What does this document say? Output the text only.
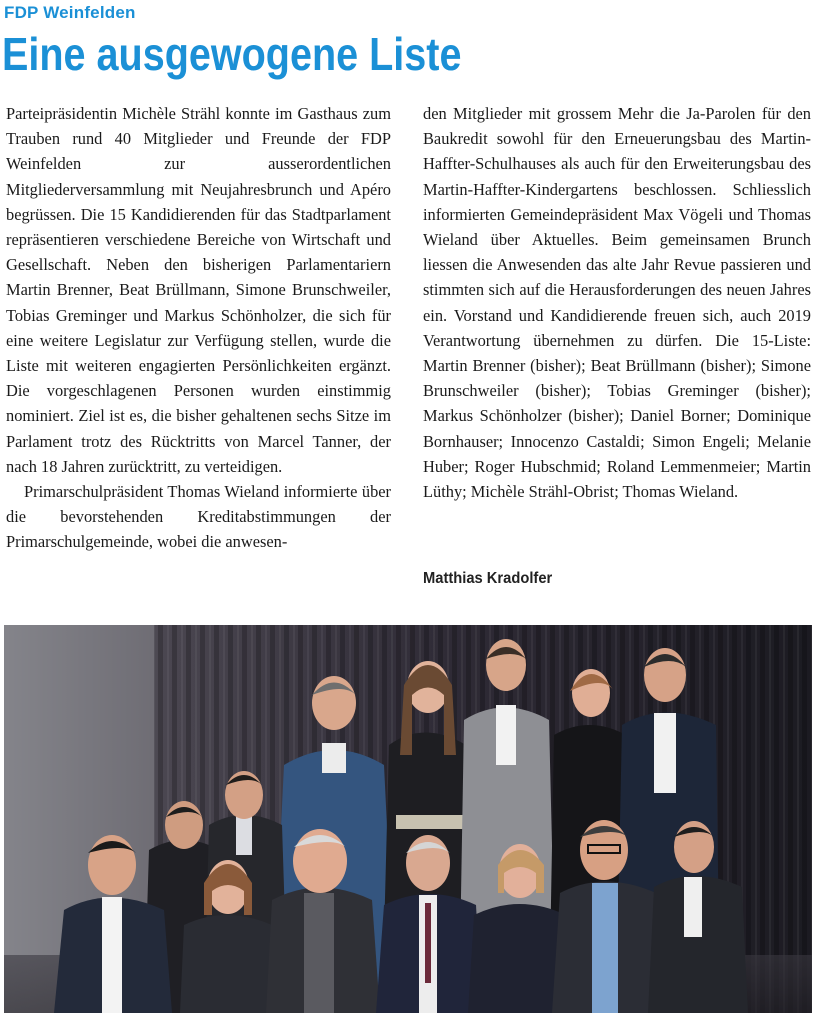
FDP Weinfelden
Eine ausgewogene Liste

Parteipräsidentin Michèle Strähl konnte im Gasthaus zum Trauben rund 40 Mitglieder und Freunde der FDP Weinfelden zur ausserordentlichen Mitgliederversammlung mit Neujahresbrunch und Apéro begrüssen. Die 15 Kandidierenden für das Stadtparlament repräsentieren verschiedene Bereiche von Wirtschaft und Gesellschaft. Neben den bisherigen Parlamentariern Martin Brenner, Beat Brüllmann, Simone Brunschweiler, Tobias Greminger und Markus Schönholzer, die sich für eine weitere Legislatur zur Verfügung stellen, wurde die Liste mit weiteren engagierten Persönlichkeiten ergänzt. Die vorgeschlagenen Personen wurden einstimmig nominiert. Ziel ist es, die bisher gehaltenen sechs Sitze im Parlament trotz des Rücktritts von Marcel Tanner, der nach 18 Jahren zurücktritt, zu verteidigen.

Primarschulpräsident Thomas Wieland informierte über die bevorstehenden Kreditabstimmungen der Primarschulgemeinde, wobei die anwesen-

den Mitglieder mit grossem Mehr die Ja-Parolen für den Baukredit sowohl für den Erneuerungsbau des Martin-Haffter-Schulhauses als auch für den Erweiterungsbau des Martin-Haffter-Kindergartens beschlossen. Schliesslich informierten Gemeindepräsident Max Vögeli und Thomas Wieland über Aktuelles. Beim gemeinsamen Brunch liessen die Anwesenden das alte Jahr Revue passieren und stimmten sich auf die Herausforderungen des neuen Jahres ein. Vorstand und Kandidierende freuen sich, auch 2019 Verantwortung übernehmen zu dürfen. Die 15-Liste: Martin Brenner (bisher); Beat Brüllmann (bisher); Simone Brunschweiler (bisher); Tobias Greminger (bisher); Markus Schönholzer (bisher); Daniel Borner; Dominique Bornhauser; Innocenzo Castaldi; Simon Engeli; Melanie Huber; Roger Hubschmid; Roland Lemmenmeier; Martin Lüthy; Michèle Strähl-Obrist; Thomas Wieland.

Matthias Kradolfer
